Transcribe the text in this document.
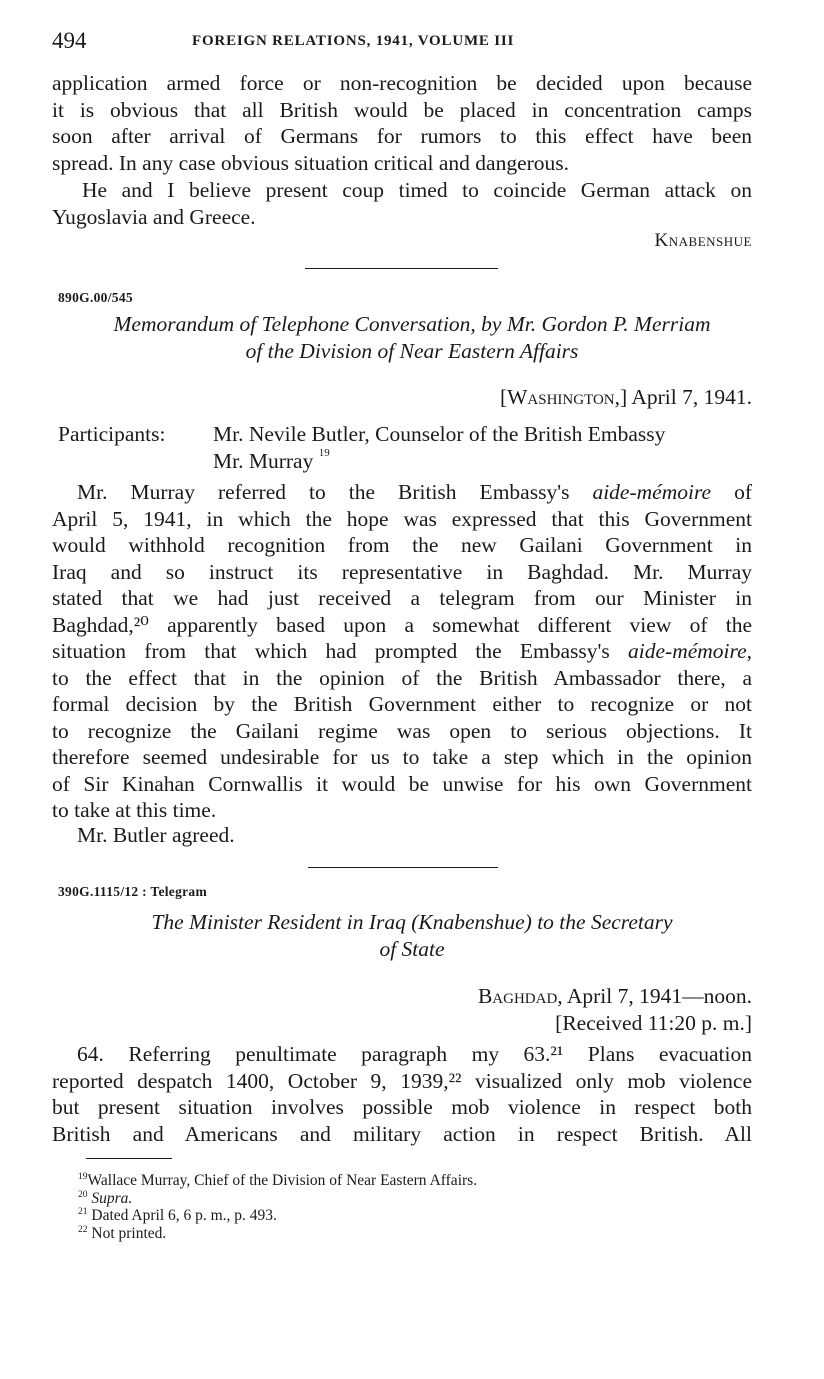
494	FOREIGN RELATIONS, 1941, VOLUME III
application armed force or non-recognition be decided upon because
it is obvious that all British would be placed in concentration camps
soon after arrival of Germans for rumors to this effect have been
spread. In any case obvious situation critical and dangerous.
He and I believe present coup timed to coincide German attack on
Yugoslavia and Greece.
Knabenshue
890G.00/545
Memorandum of Telephone Conversation, by Mr. Gordon P. Merriam
of the Division of Near Eastern Affairs
[Washington,] April 7, 1941.
Participants: Mr. Nevile Butler, Counselor of the British Embassy
Mr. Murray $^{19}$
Mr. Murray referred to the British Embassy's aide-mémoire of
April 5, 1941, in which the hope was expressed that this Government
would withhold recognition from the new Gailani Government in
Iraq and so instruct its representative in Baghdad. Mr. Murray
stated that we had just received a telegram from our Minister in
Baghdad,²⁰ apparently based upon a somewhat different view of the
situation from that which had prompted the Embassy's aide-mémoire,
to the effect that in the opinion of the British Ambassador there, a
formal decision by the British Government either to recognize or not
to recognize the Gailani regime was open to serious objections. It
therefore seemed undesirable for us to take a step which in the opinion
of Sir Kinahan Cornwallis it would be unwise for his own Government
to take at this time.
Mr. Butler agreed.
390G.1115/12 : Telegram
The Minister Resident in Iraq (Knabenshue) to the Secretary
of State
Baghdad, April 7, 1941—noon.
[Received 11:20 p. m.]
64. Referring penultimate paragraph my 63.²¹ Plans evacuation
reported despatch 1400, October 9, 1939,²² visualized only mob violence
but present situation involves possible mob violence in respect both
British and Americans and military action in respect British. All
$^{19}$Wallace Murray, Chief of the Division of Near Eastern Affairs.
$^{20}$ Supra.
$^{21}$ Dated April 6, 6 p. m., p. 493.
$^{22}$ Not printed.
